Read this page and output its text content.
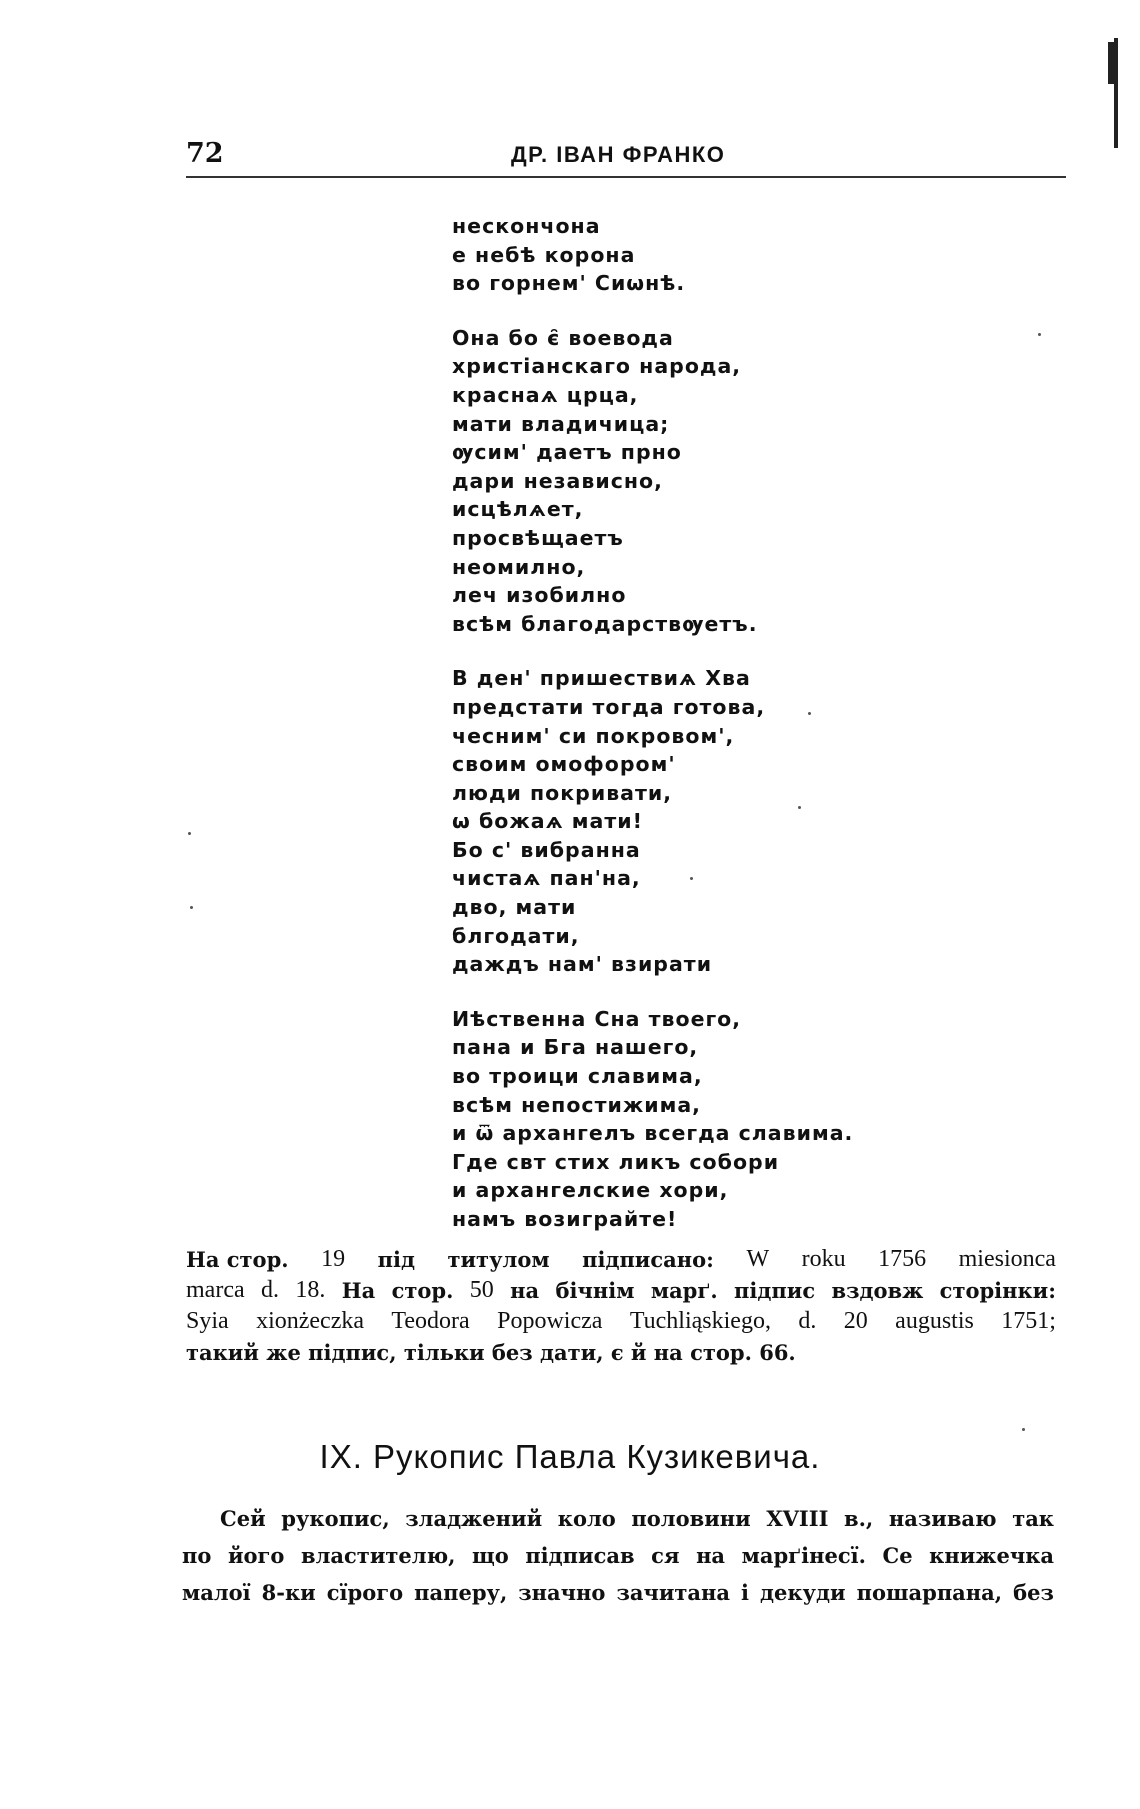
72	ДР. ІВАН ФРАНКО
нескончона
е небѣ корона
во горнем' Сиѡнѣ.
Она бо є̑ воевода
христіанскаго народа,
краснаѧ црца,
мати владичица;
ѹсим' даетъ прно
дари независно,
исцѣлѧет,
просвѣщаетъ
неомилно,
леч изобилно
всѣм благодарствѹетъ.
В ден' пришествиѧ Хва
предстати тогда готова,
чесним' си покровом',
своим омофором'
люди покривати,
ѡ божаѧ мати!
Бо с' вибранна
чистаѧ пан'на,
дво, мати
блгодати,
даждъ нам' взирати
Иѣственна Сна твоего,
пана и Бга нашего,
во троици славима,
всѣм непостижима,
и ѿ архангелъ всегда славима.
Где свт стих ликъ собори
и архангелские хори,
намъ возиграйте!
На стор. 19 під титулом підписано: W roku 1756 miesionca
marca d. 18. На стор. 50 на бічнім марґ. підпис вздовж сторінки:
Syia xionżeczka Teodora Popowicza Tuchliąskiego, d. 20 augustis 1751;
такий же підпис, тільки без дати, є й на стор. 66.
IX. Рукопис Павла Кузикевича.
Сей рукопис, зладжений коло половини XVIII в., називаю так
по його властителю, що підписав ся на марґінесї. Се книжечка
малої 8-ки сїрого паперу, значно зачитана і декуди пошарпана, без
